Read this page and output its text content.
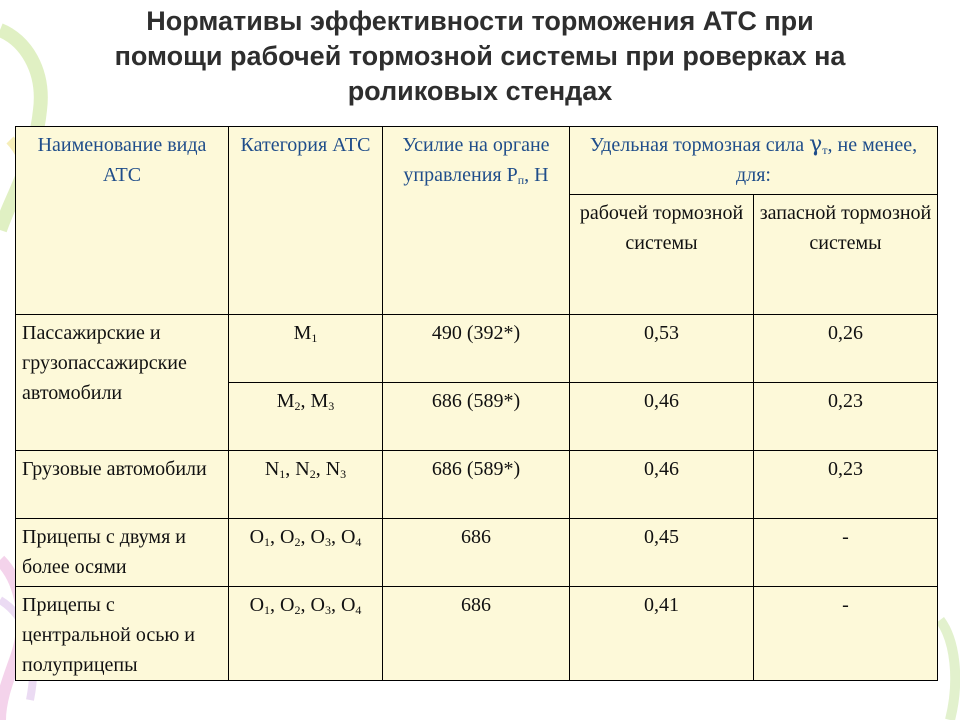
Нормативы эффективности торможения АТС при
помощи рабочей тормозной системы при роверках на
роликовых стендах
Наименование вида АТС	Категория АТС	Усилие на органе управления $Р_п$, Н	Удельная тормозная сила $\gamma_т$, не менее, для:	
			рабочей тормозной системы	запасной тормозной системы
Пассажирские и грузопассажирские автомобили	$M_1$	490 (392*)	0,53	0,26
	$M_2$, $M_3$	686 (589*)	0,46	0,23
Грузовые автомобили	$N_1$, $N_2$, $N_3$	686 (589*)	0,46	0,23
Прицепы с двумя и более осями	$O_1$, $O_2$, $O_3$, $O_4$	686	0,45	-
Прицепы с центральной осью и полуприцепы	$O_1$, $O_2$, $O_3$, $O_4$	686	0,41	-
